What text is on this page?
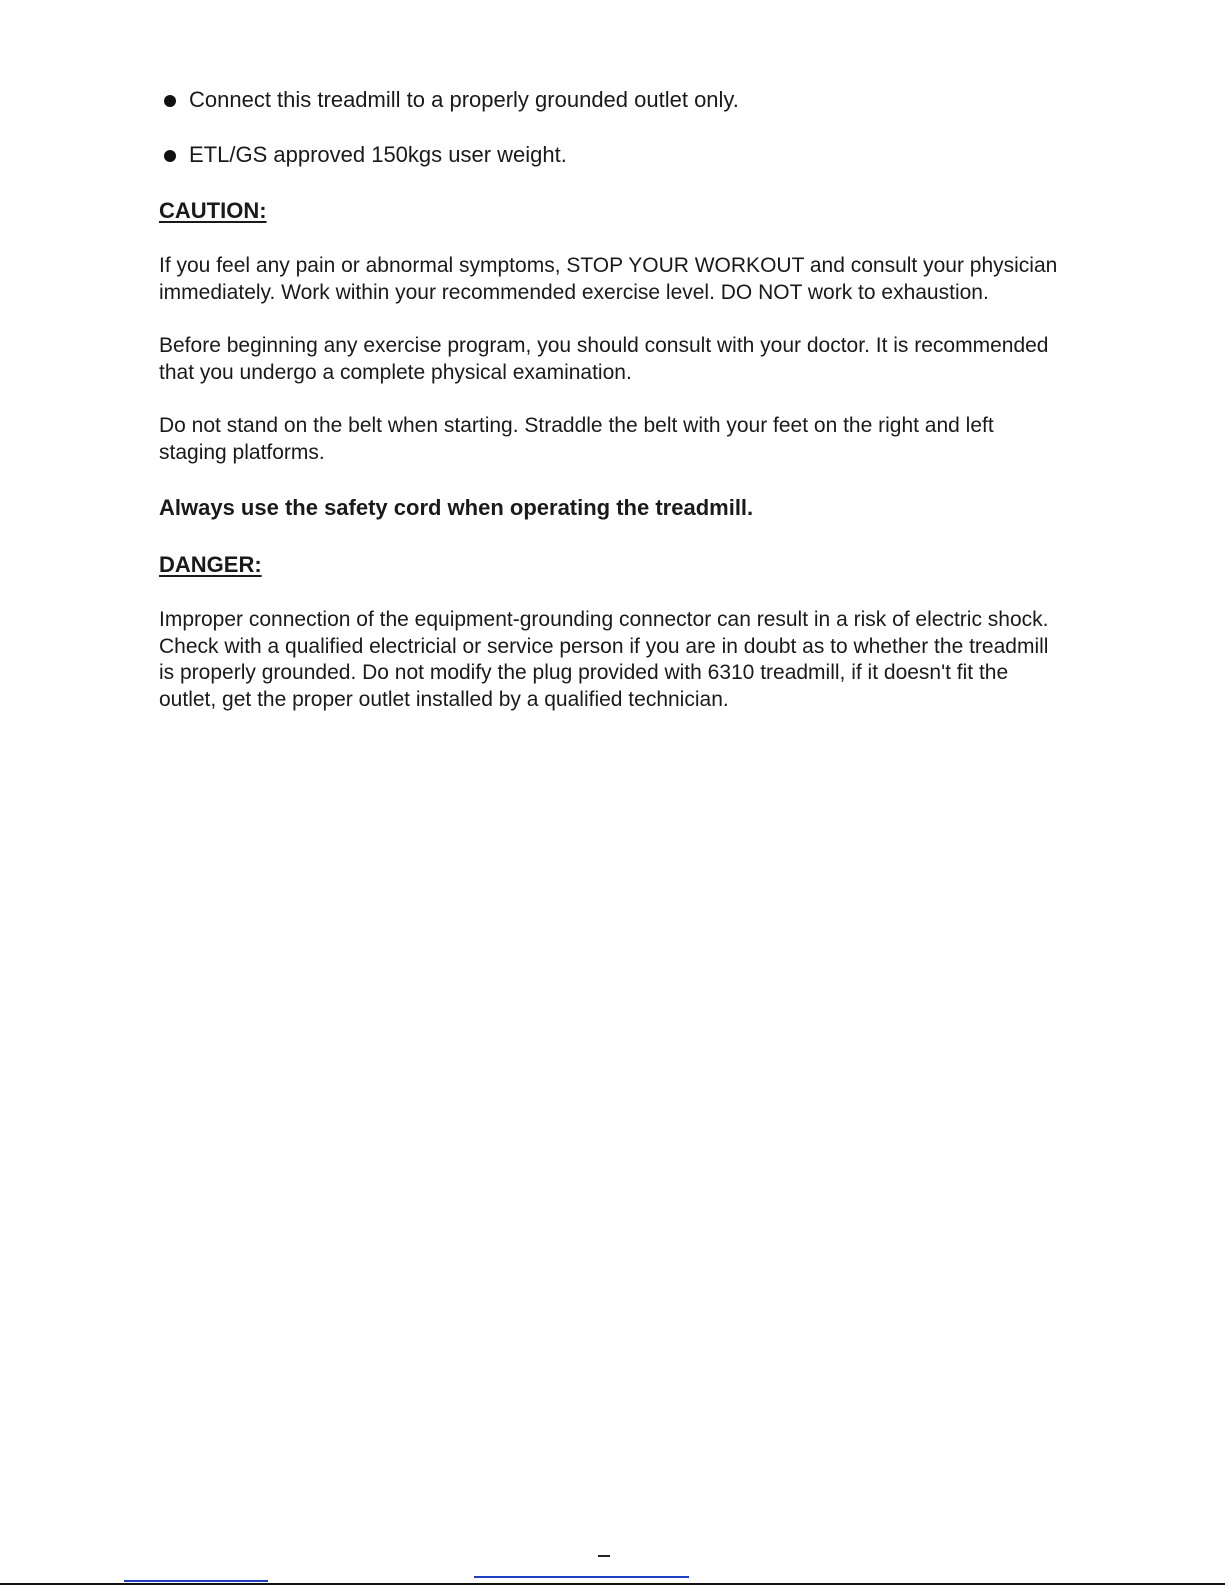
Connect this treadmill to a properly grounded outlet only.

ETL/GS approved 150kgs user weight.

CAUTION:

If you feel any pain or abnormal symptoms, STOP YOUR WORKOUT and consult your physician immediately. Work within your recommended exercise level. DO NOT work to exhaustion.

Before beginning any exercise program, you should consult with your doctor. It is recommended that you undergo a complete physical examination.

Do not stand on the belt when starting. Straddle the belt with your feet on the right and left staging platforms.

Always use the safety cord when operating the treadmill.

DANGER:

Improper connection of the equipment-grounding connector can result in a risk of electric shock. Check with a qualified electricial or service person if you are in doubt as to whether the treadmill is properly grounded. Do not modify the plug provided with 6310 treadmill, if it doesn't fit the outlet, get the proper outlet installed by a qualified technician.
